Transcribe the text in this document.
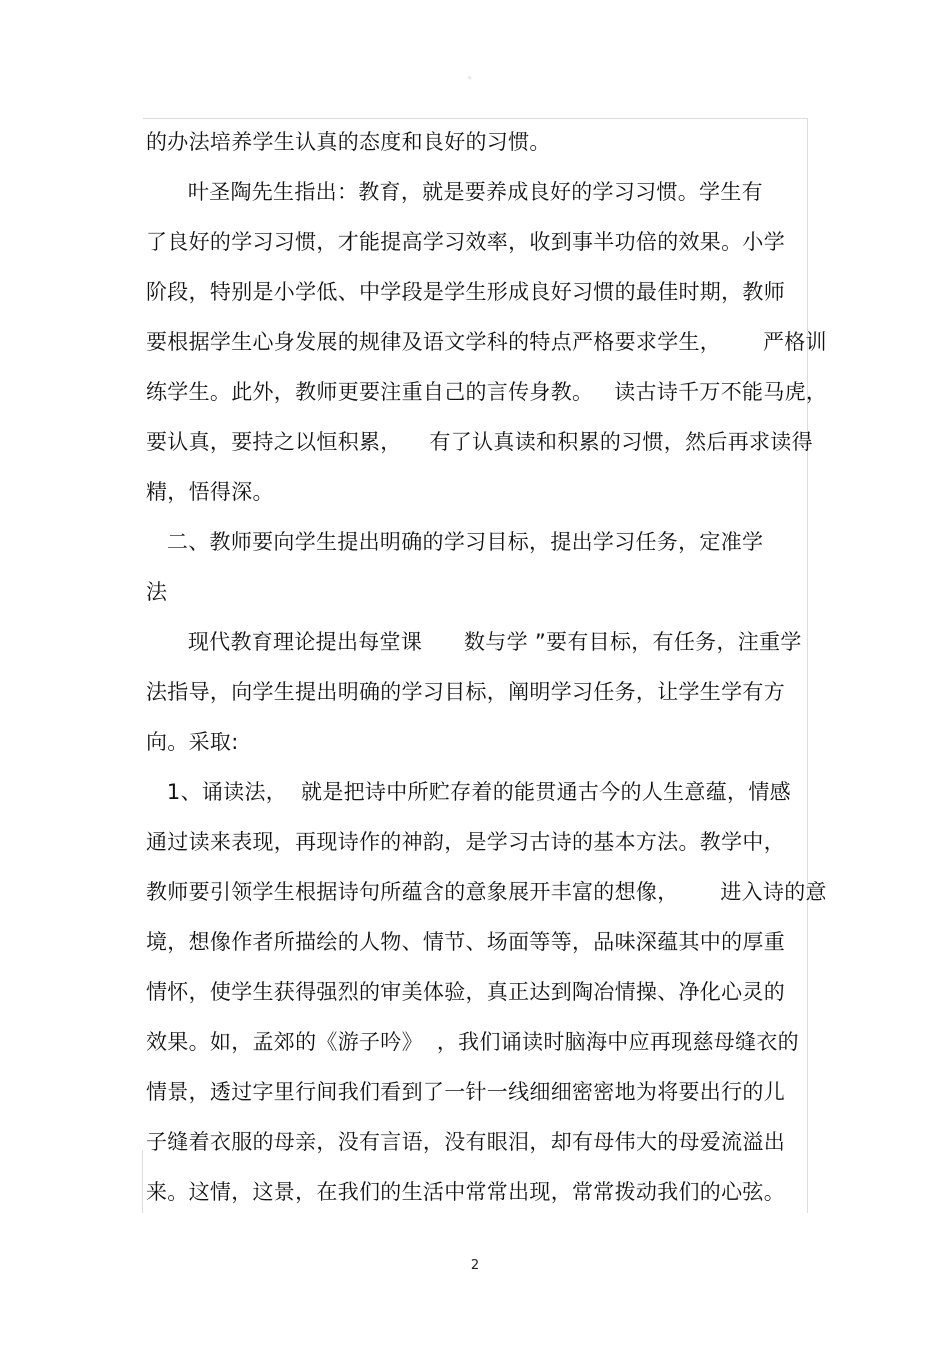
。
的办法培养学生认真的态度和良好的习惯。
叶圣陶先生指出：教育，就是要养成良好的学习习惯。学生有
了良好的学习习惯，才能提高学习效率，收到事半功倍的效果。小学
阶段，特别是小学低、中学段是学生形成良好习惯的最佳时期，教师
要根据学生心身发展的规律及语文学科的特点严格要求学生，      严格训
练学生。此外，教师更要注重自己的言传身教。   读古诗千万不能马虎，
要认真，要持之以恒积累，    有了认真读和积累的习惯，然后再求读得
精，悟得深。
二、教师要向学生提出明确的学习目标，提出学习任务，定准学
法
现代教育理论提出每堂课      数与学 ”要有目标，有任务，注重学
法指导，向学生提出明确的学习目标，阐明学习任务，让学生学有方
向。采取:
1、诵读法，  就是把诗中所贮存着的能贯通古今的人生意蕴，情感
通过读来表现，再现诗作的神韵，是学习古诗的基本方法。教学中，
教师要引领学生根据诗句所蕴含的意象展开丰富的想像，      进入诗的意
境，想像作者所描绘的人物、情节、场面等等，品味深蕴其中的厚重
情怀，使学生获得强烈的审美体验，真正达到陶冶情操、净化心灵的
效果。如，孟郊的《游子吟》  ，我们诵读时脑海中应再现慈母缝衣的
情景，透过字里行间我们看到了一针一线细细密密地为将要出行的儿
子缝着衣服的母亲，没有言语，没有眼泪，却有母伟大的母爱流溢出
来。这情，这景，在我们的生活中常常出现，常常拨动我们的心弦。
2
